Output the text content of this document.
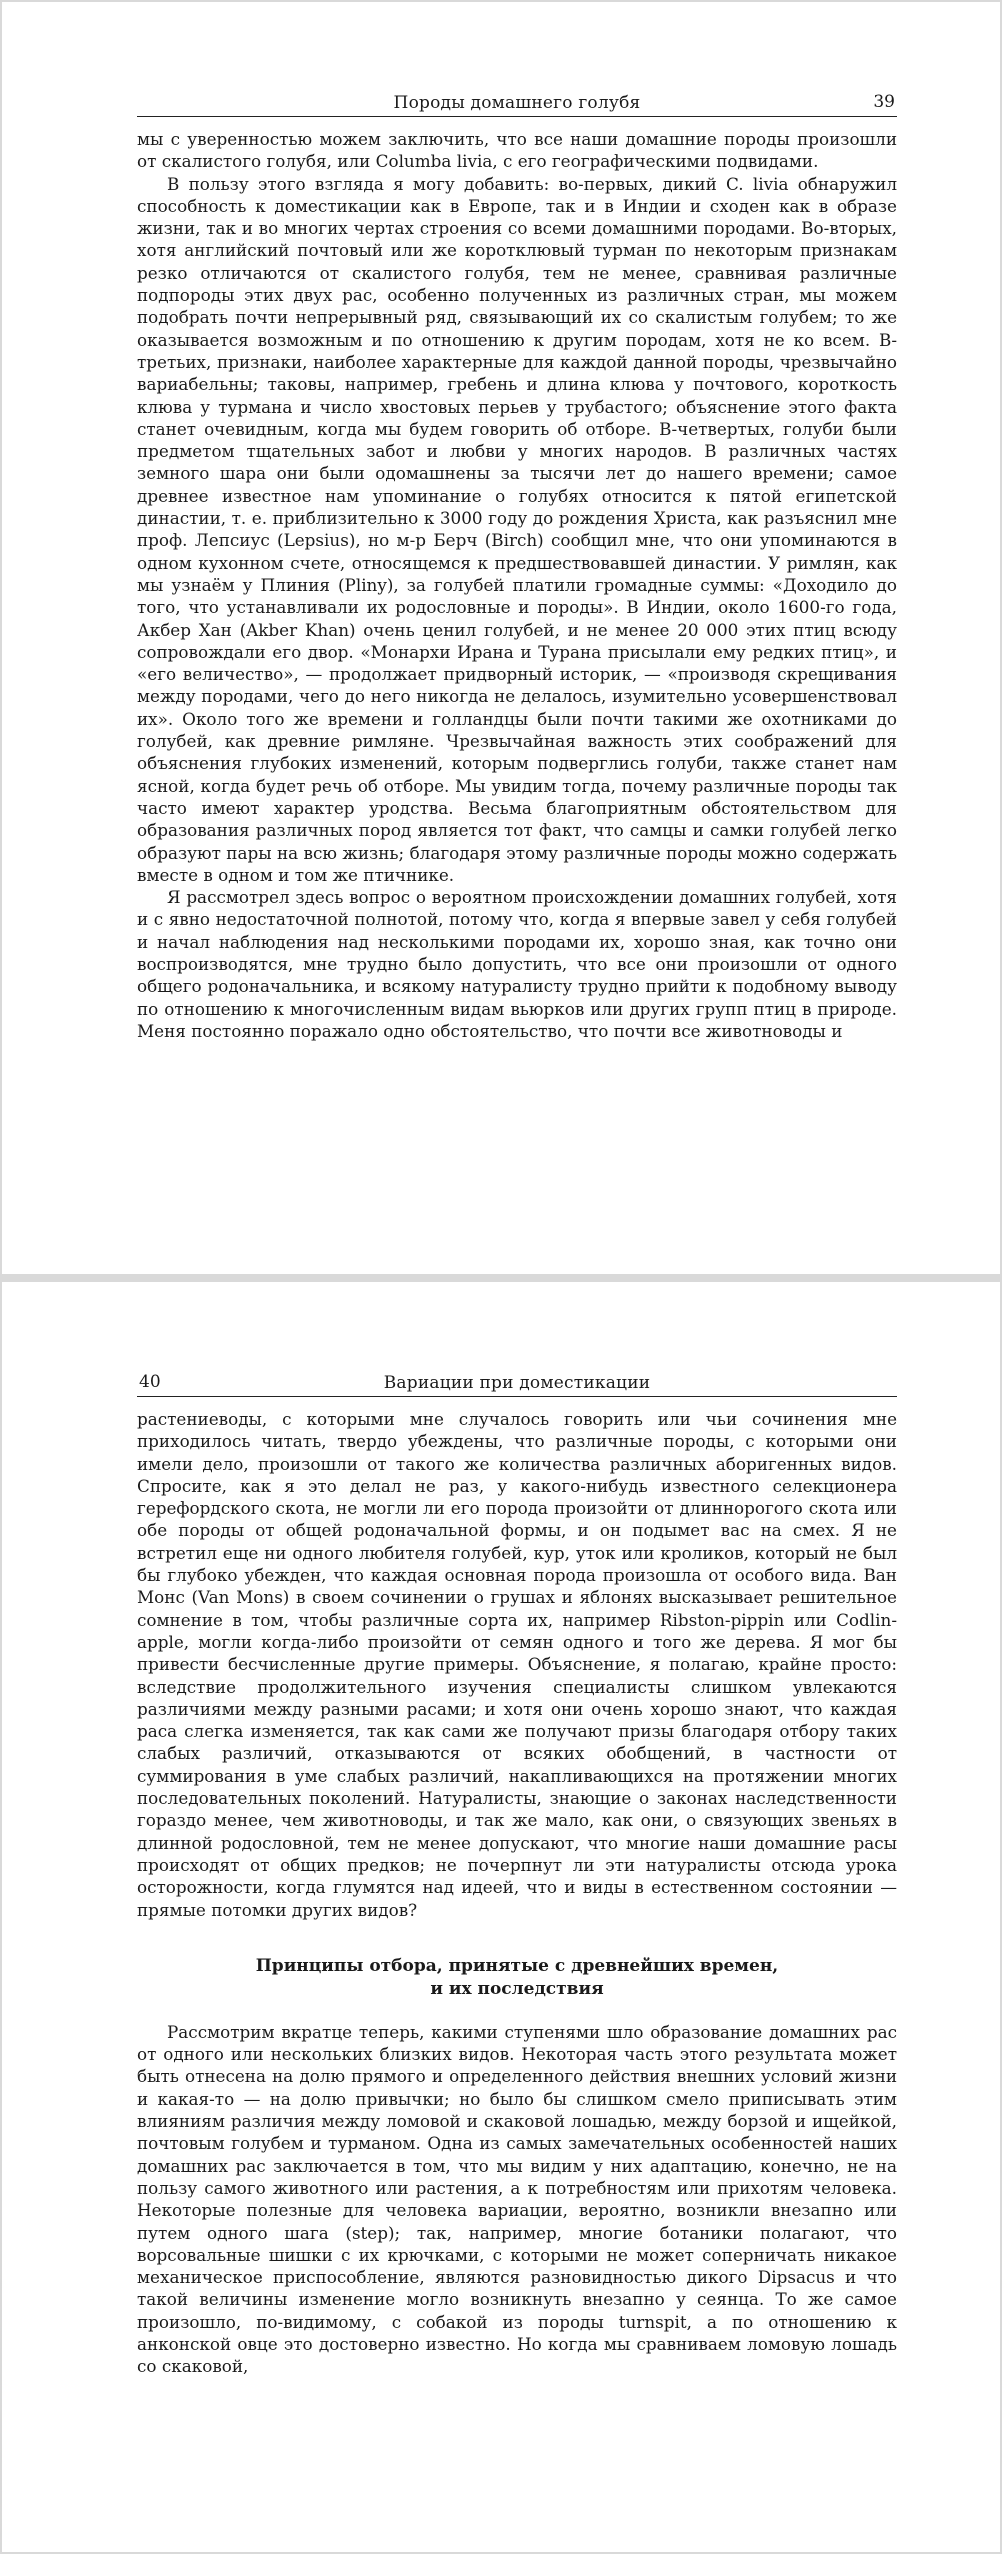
Породы домашнего голубя	39

мы с уверенностью можем заключить, что все наши домашние породы произошли от скалистого голубя, или Columba livia, с его географическими подвидами.

В пользу этого взгляда я могу добавить: во-первых, дикий C. livia обнаружил способность к доместикации как в Европе, так и в Индии и сходен как в образе жизни, так и во многих чертах строения со всеми домашними породами. Во-вторых, хотя английский почтовый или же коротклювый турман по некоторым признакам резко отличаются от скалистого голубя, тем не менее, сравнивая различные подпороды этих двух рас, особенно полученных из различных стран, мы можем подобрать почти непрерывный ряд, связывающий их со скалистым голубем; то же оказывается возможным и по отношению к другим породам, хотя не ко всем. В-третьих, признаки, наиболее характерные для каждой данной породы, чрезвычайно вариабельны; таковы, например, гребень и длина клюва у почтового, короткость клюва у турмана и число хвостовых перьев у трубастого; объяснение этого факта станет очевидным, когда мы будем говорить об отборе. В-четвертых, голуби были предметом тщательных забот и любви у многих народов. В различных частях земного шара они были одомашнены за тысячи лет до нашего времени; самое древнее известное нам упоминание о голубях относится к пятой египетской династии, т. е. приблизительно к 3000 году до рождения Христа, как разъяснил мне проф. Лепсиус (Lepsius), но м-р Берч (Birch) сообщил мне, что они упоминаются в одном кухонном счете, относящемся к предшествовавшей династии. У римлян, как мы узнаём у Плиния (Pliny), за голубей платили громадные суммы: «Доходило до того, что устанавливали их родословные и породы». В Индии, около 1600-го года, Акбер Хан (Akber Khan) очень ценил голубей, и не менее 20 000 этих птиц всюду сопровождали его двор. «Монархи Ирана и Турана присылали ему редких птиц», и «его величество», — продолжает придворный историк, — «производя скрещивания между породами, чего до него никогда не делалось, изумительно усовершенствовал их». Около того же времени и голландцы были почти такими же охотниками до голубей, как древние римляне. Чрезвычайная важность этих соображений для объяснения глубоких изменений, которым подверглись голуби, также станет нам ясной, когда будет речь об отборе. Мы увидим тогда, почему различные породы так часто имеют характер уродства. Весьма благоприятным обстоятельством для образования различных пород является тот факт, что самцы и самки голубей легко образуют пары на всю жизнь; благодаря этому различные породы можно содержать вместе в одном и том же птичнике.

Я рассмотрел здесь вопрос о вероятном происхождении домашних голубей, хотя и с явно недостаточной полнотой, потому что, когда я впервые завел у себя голубей и начал наблюдения над несколькими породами их, хорошо зная, как точно они воспроизводятся, мне трудно было допустить, что все они произошли от одного общего родоначальника, и всякому натуралисту трудно прийти к подобному выводу по отношению к многочисленным видам вьюрков или других групп птиц в природе. Меня постоянно поражало одно обстоятельство, что почти все животноводы и

40	Вариации при доместикации

растениеводы, с которыми мне случалось говорить или чьи сочинения мне приходилось читать, твердо убеждены, что различные породы, с которыми они имели дело, произошли от такого же количества различных аборигенных видов. Спросите, как я это делал не раз, у какого-нибудь известного селекционера герефордского скота, не могли ли его порода произойти от длиннорогого скота или обе породы от общей родоначальной формы, и он подымет вас на смех. Я не встретил еще ни одного любителя голубей, кур, уток или кроликов, который не был бы глубоко убежден, что каждая основная порода произошла от особого вида. Ван Монс (Van Mons) в своем сочинении о грушах и яблонях высказывает решительное сомнение в том, чтобы различные сорта их, например Ribston-pippin или Codlin-apple, могли когда-либо произойти от семян одного и того же дерева. Я мог бы привести бесчисленные другие примеры. Объяснение, я полагаю, крайне просто: вследствие продолжительного изучения специалисты слишком увлекаются различиями между разными расами; и хотя они очень хорошо знают, что каждая раса слегка изменяется, так как сами же получают призы благодаря отбору таких слабых различий, отказываются от всяких обобщений, в частности от суммирования в уме слабых различий, накапливающихся на протяжении многих последовательных поколений. Натуралисты, знающие о законах наследственности гораздо менее, чем животноводы, и так же мало, как они, о связующих звеньях в длинной родословной, тем не менее допускают, что многие наши домашние расы происходят от общих предков; не почерпнут ли эти натуралисты отсюда урока осторожности, когда глумятся над идеей, что и виды в естественном состоянии — прямые потомки других видов?

Принципы отбора, принятые с древнейших времен,
и их последствия

Рассмотрим вкратце теперь, какими ступенями шло образование домашних рас от одного или нескольких близких видов. Некоторая часть этого результата может быть отнесена на долю прямого и определенного действия внешних условий жизни и какая-то — на долю привычки; но было бы слишком смело приписывать этим влияниям различия между ломовой и скаковой лошадью, между борзой и ищейкой, почтовым голубем и турманом. Одна из самых замечательных особенностей наших домашних рас заключается в том, что мы видим у них адаптацию, конечно, не на пользу самого животного или растения, а к потребностям или прихотям человека. Некоторые полезные для человека вариации, вероятно, возникли внезапно или путем одного шага (step); так, например, многие ботаники полагают, что ворсовальные шишки с их крючками, с которыми не может соперничать никакое механическое приспособление, являются разновидностью дикого Dipsacus и что такой величины изменение могло возникнуть внезапно у сеянца. То же самое произошло, по-видимому, с собакой из породы turnspit, а по отношению к анконской овце это достоверно известно. Но когда мы сравниваем ломовую лошадь со скаковой,
